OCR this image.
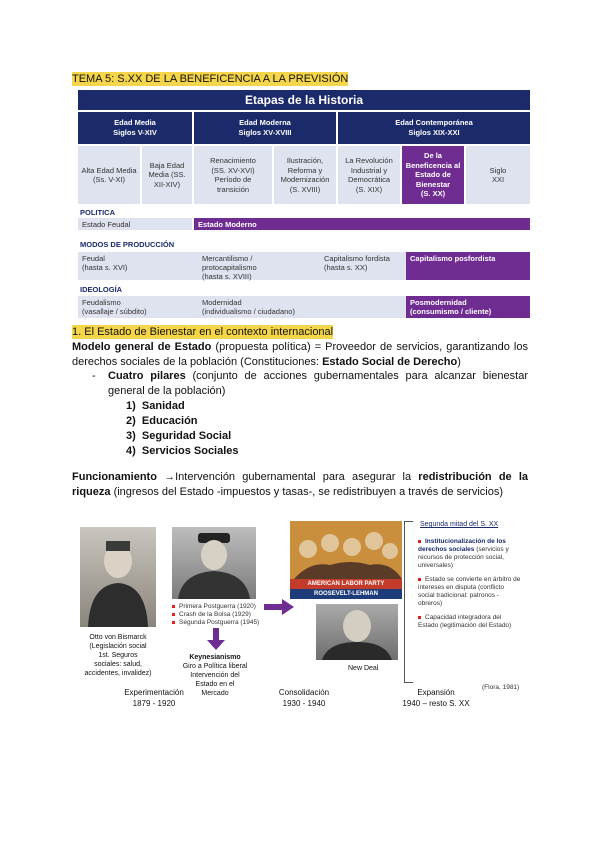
TEMA 5: S.XX DE LA BENEFICENCIA A LA PREVISIÓN
Etapas de la Historia
Edad Media
Siglos V-XIV
Edad Moderna
Siglos XV-XVIII
Edad Contemporánea
Siglos XIX-XXI
Alta Edad Media
(Ss. V-XI)
Baja Edad
Media (SS.
XII-XIV)
Renacimiento
(SS. XV-XVI)
Período de
transición
Ilustración,
Reforma y
Modernización
(S. XVIII)
La Revolución
Industrial y
Democrática
(S. XIX)
De la
Beneficencia al
Estado de
Bienestar
(S. XX)
Siglo
XXI
POLITICA
Estado Feudal	Estado Moderno
MODOS DE PRODUCCIÓN
Feudal
(hasta s. XVI)
Mercantilismo /
protocapitalismo
(hasta s. XVIII)
Capitalismo fordista
(hasta s. XX)
Capitalismo posfordista
IDEOLOGÍA
Feudalismo
(vasallaje / súbdito)
Modernidad
(individualismo / ciudadano)
Posmodernidad
(consumismo / cliente)
1. El Estado de Bienestar en el contexto internacional
Modelo general de Estado (propuesta política) = Proveedor de servicios, garantizando los derechos sociales de la población (Constituciones: Estado Social de Derecho)
- Cuatro pilares (conjunto de acciones gubernamentales para alcanzar bienestar general de la población)
1) Sanidad
2) Educación
3) Seguridad Social
4) Servicios Sociales
Funcionamiento →Intervención gubernamental para asegurar la redistribución de la riqueza (ingresos del Estado -impuestos y tasas-, se redistribuyen a través de servicios)
Otto von Bismarck
(Legislación social
1st. Seguros
sociales: salud,
accidentes, invalidez)
Primera Postguerra (1920)
Crash de la Bolsa (1929)
Segunda Postguerra (1945)
Keynesianismo
Giro a Política liberal
Intervención del
Estado en el
Mercado
AMERICAN LABOR PARTY
ROOSEVELT-LEHMAN
New Deal
Segunda mitad del S. XX
Institucionalización de los derechos sociales (servicios y recursos de protección social, universales)
Estado se convierte en árbitro de intereses en disputa (conflicto social tradicional: patronos - obreros)
Capacidad integradora del Estado (legitimación del Estado)
Experimentación
1879 - 1920
Consolidación
1930 - 1940
Expansión
1940 – resto S. XX
(Flora, 1981)
